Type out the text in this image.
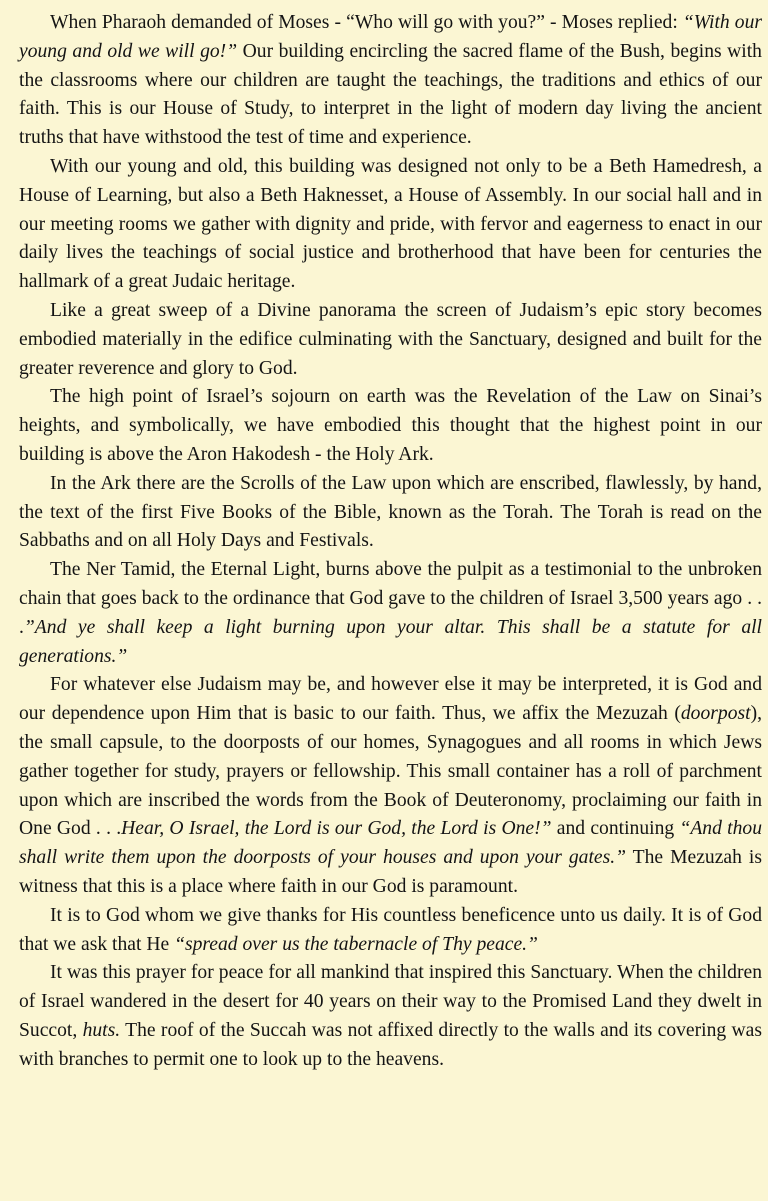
When Pharaoh demanded of Moses - “Who will go with you?” - Moses replied: “With our young and old we will go!” Our building encircling the sacred flame of the Bush, begins with the classrooms where our children are taught the teachings, the traditions and ethics of our faith. This is our House of Study, to interpret in the light of modern day living the ancient truths that have withstood the test of time and experience.

With our young and old, this building was designed not only to be a Beth Hamedresh, a House of Learning, but also a Beth Haknesset, a House of Assembly. In our social hall and in our meeting rooms we gather with dignity and pride, with fervor and eagerness to enact in our daily lives the teachings of social justice and brotherhood that have been for centuries the hallmark of a great Judaic heritage.

Like a great sweep of a Divine panorama the screen of Judaism’s epic story becomes embodied materially in the edifice culminating with the Sanctuary, designed and built for the greater reverence and glory to God.

The high point of Israel’s sojourn on earth was the Revelation of the Law on Sinai’s heights, and symbolically, we have embodied this thought that the highest point in our building is above the Aron Hakodesh - the Holy Ark.

In the Ark there are the Scrolls of the Law upon which are enscribed, flawlessly, by hand, the text of the first Five Books of the Bible, known as the Torah. The Torah is read on the Sabbaths and on all Holy Days and Festivals.

The Ner Tamid, the Eternal Light, burns above the pulpit as a testimonial to the unbroken chain that goes back to the ordinance that God gave to the children of Israel 3,500 years ago . . .”And ye shall keep a light burning upon your altar. This shall be a statute for all generations.”

For whatever else Judaism may be, and however else it may be interpreted, it is God and our dependence upon Him that is basic to our faith. Thus, we affix the Mezuzah (doorpost), the small capsule, to the doorposts of our homes, Synagogues and all rooms in which Jews gather together for study, prayers or fellowship. This small container has a roll of parchment upon which are inscribed the words from the Book of Deuteronomy, proclaiming our faith in One God . . .Hear, O Israel, the Lord is our God, the Lord is One!” and continuing “And thou shall write them upon the doorposts of your houses and upon your gates.” The Mezuzah is witness that this is a place where faith in our God is paramount.

It is to God whom we give thanks for His countless beneficence unto us daily. It is of God that we ask that He “spread over us the tabernacle of Thy peace.”

It was this prayer for peace for all mankind that inspired this Sanctuary. When the children of Israel wandered in the desert for 40 years on their way to the Promised Land they dwelt in Succot, huts. The roof of the Succah was not affixed directly to the walls and its covering was with branches to permit one to look up to the heavens.
